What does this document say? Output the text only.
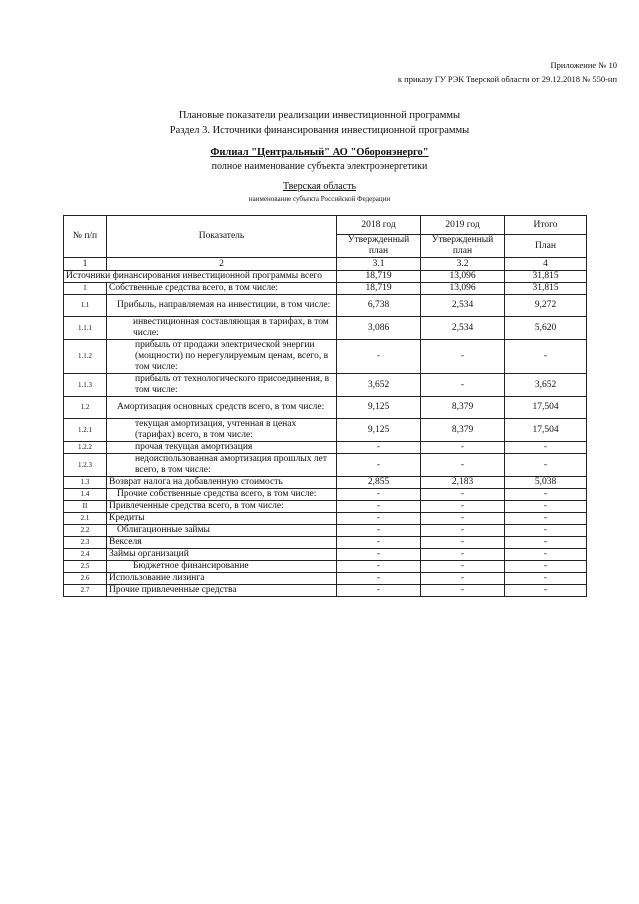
Приложение № 10
к приказу ГУ РЭК Тверской области от 29.12.2018 № 550-нп
Плановые показатели реализации инвестиционной программы
Раздел 3. Источники финансирования инвестиционной программы
Филиал "Центральный" АО "Оборонэнерго"
полное наименование субъекта электроэнергетики
Тверская область
наименование субъекта Российской Федерации
№ п/п	Показатель	2018 год	2019 год	Итого
		Утвержденный план	Утвержденный план	План
1	2	3.1	3.2	4
Источники финансирования инвестиционной программы всего		18,719	13,096	31,815
I	Собственные средства всего, в том числе:	18,719	13,096	31,815
1.1	Прибыль, направляемая на инвестиции, в том числе:	6,738	2,534	9,272
1.1.1	инвестиционная составляющая в тарифах, в том числе:	3,086	2,534	5,620
1.1.2	прибыль от продажи электрической энергии (мощности) по нерегулируемым ценам, всего, в том числе:	-	-	-
1.1.3	прибыль от технологического присоединения, в том числе:	3,652	-	3,652
1.2	Амортизация основных средств всего, в том числе:	9,125	8,379	17,504
1.2.1	текущая амортизация, учтенная в ценах (тарифах) всего, в том числе:	9,125	8,379	17,504
1.2.2	прочая текущая амортизация	-	-	-
1.2.3	недоиспользованная амортизация прошлых лет всего, в том числе:	-	-	-
1.3	Возврат налога на добавленную стоимость	2,855	2,183	5,038
1.4	Прочие собственные средства всего, в том числе:	-	-	-
II	Привлеченные средства всего, в том числе:	-	-	-
2.1	Кредиты	-	-	-
2.2	Облигационные займы	-	-	-
2.3	Векселя	-	-	-
2.4	Займы организаций	-	-	-
2.5	Бюджетное финансирование	-	-	-
2.6	Использование лизинга	-	-	-
2.7	Прочие привлеченные средства	-	-	-
